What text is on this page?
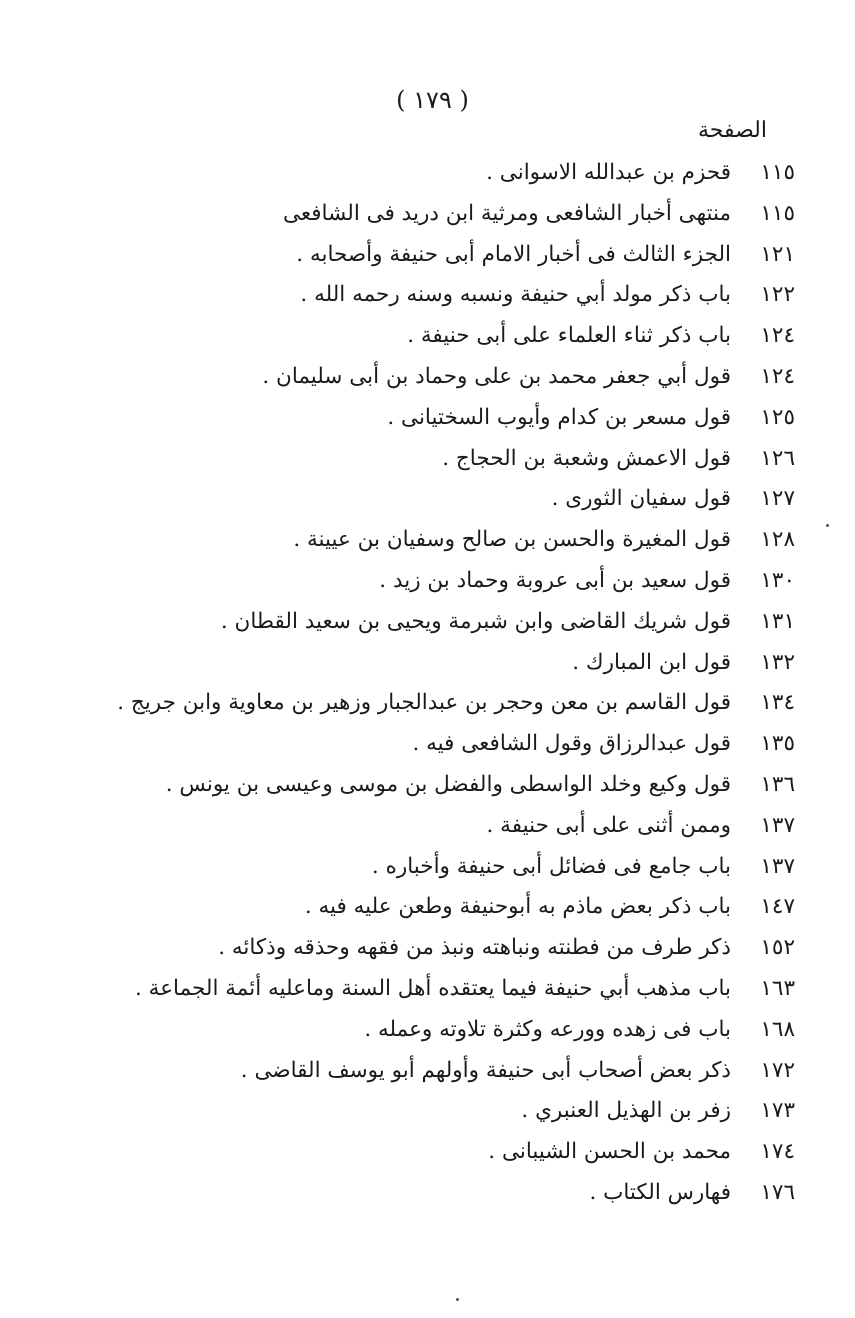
( ١٧٩ )
الصفحة
١١٥
قحزم بن عبدالله الاسوانى .
١١٥
منتهى أخبار الشافعى ومرثية ابن دريد فى الشافعى
١٢١
الجزء الثالث فى أخبار الامام أبى حنيفة وأصحابه .
١٢٢
باب ذكر مولد أبي حنيفة ونسبه وسنه رحمه الله .
١٢٤
باب ذكر ثناء العلماء على أبى حنيفة .
١٢٤
قول أبي جعفر محمد بن على وحماد بن أبى سليمان .
١٢٥
قول مسعر بن كدام وأيوب السختيانى .
١٢٦
قول الاعمش وشعبة بن الحجاج .
١٢٧
قول سفيان الثورى .
١٢٨
قول المغيرة والحسن بن صالح وسفيان بن عيينة .
١٣٠
قول سعيد بن أبى عروبة وحماد بن زيد .
١٣١
قول شريك القاضى وابن شبرمة ويحيى بن سعيد القطان .
١٣٢
قول ابن المبارك .
١٣٤
قول القاسم بن معن وحجر بن عبدالجبار وزهير بن معاوية وابن جريج .
١٣٥
قول عبدالرزاق وقول الشافعى فيه .
١٣٦
قول وكيع وخلد الواسطى والفضل بن موسى وعيسى بن يونس .
١٣٧
وممن أثنى على أبى حنيفة .
١٣٧
باب جامع فى فضائل أبى حنيفة وأخباره .
١٤٧
باب ذكر بعض ماذم به أبوحنيفة وطعن عليه فيه .
١٥٢
ذكر طرف من فطنته ونباهته ونبذ من فقهه وحذقه وذكائه .
١٦٣
باب مذهب أبي حنيفة فيما يعتقده أهل السنة وماعليه أئمة الجماعة .
١٦٨
باب فى زهده وورعه وكثرة تلاوته وعمله .
١٧٢
ذكر بعض أصحاب أبى حنيفة وأولهم أبو يوسف القاضى .
١٧٣
زفر بن الهذيل العنبري .
١٧٤
محمد بن الحسن الشيبانى .
١٧٦
فهارس الكتاب .
